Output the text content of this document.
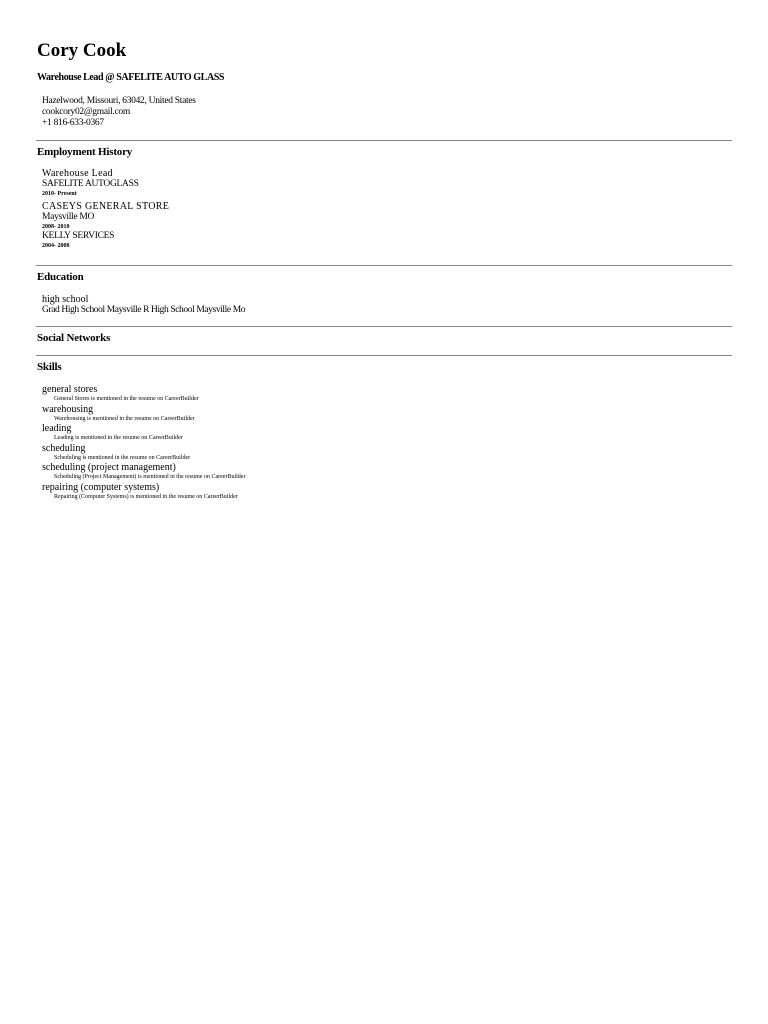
Cory Cook
Warehouse Lead @ SAFELITE AUTO GLASS
Hazelwood, Missouri, 63042, United States
cookcory02@gmail.com
+1 816-633-0367
Employment History
Warehouse Lead
SAFELITE AUTOGLASS
2010- Present
CASEYS GENERAL STORE
Maysville MO
2008- 2010
KELLY SERVICES
2004- 2008
Education
high school
Grad High School Maysville R High School Maysville Mo
Social Networks
Skills
general stores
General Stores is mentioned in the resume on CareerBuilder
warehousing
Warehousing is mentioned in the resume on CareerBuilder
leading
Leading is mentioned in the resume on CareerBuilder
scheduling
Scheduling is mentioned in the resume on CareerBuilder
scheduling (project management)
Scheduling (Project Management) is mentioned in the resume on CareerBuilder
repairing (computer systems)
Repairing (Computer Systems) is mentioned in the resume on CareerBuilder
